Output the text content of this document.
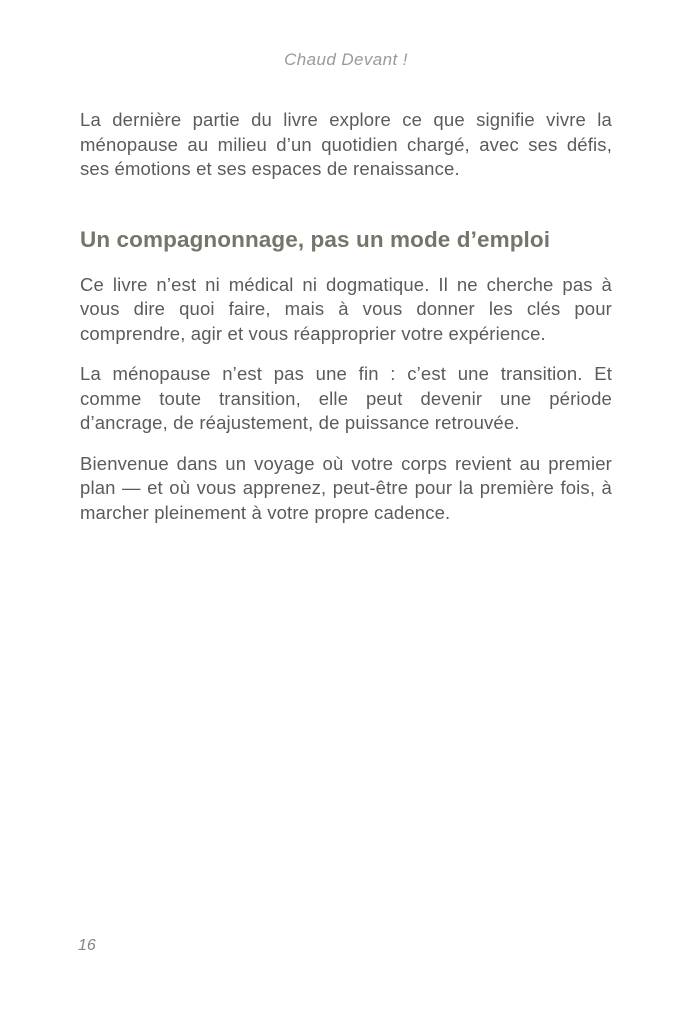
Chaud Devant !

La dernière partie du livre explore ce que signifie vivre la ménopause au milieu d’un quotidien chargé, avec ses défis, ses émotions et ses espaces de renaissance.

Un compagnonnage, pas un mode d’emploi

Ce livre n’est ni médical ni dogmatique. Il ne cherche pas à vous dire quoi faire, mais à vous donner les clés pour comprendre, agir et vous réapproprier votre expérience.

La ménopause n’est pas une fin : c’est une transition. Et comme toute transition, elle peut devenir une période d’ancrage, de réajustement, de puissance retrouvée.

Bienvenue dans un voyage où votre corps revient au premier plan — et où vous apprenez, peut-être pour la première fois, à marcher pleinement à votre propre cadence.

16
